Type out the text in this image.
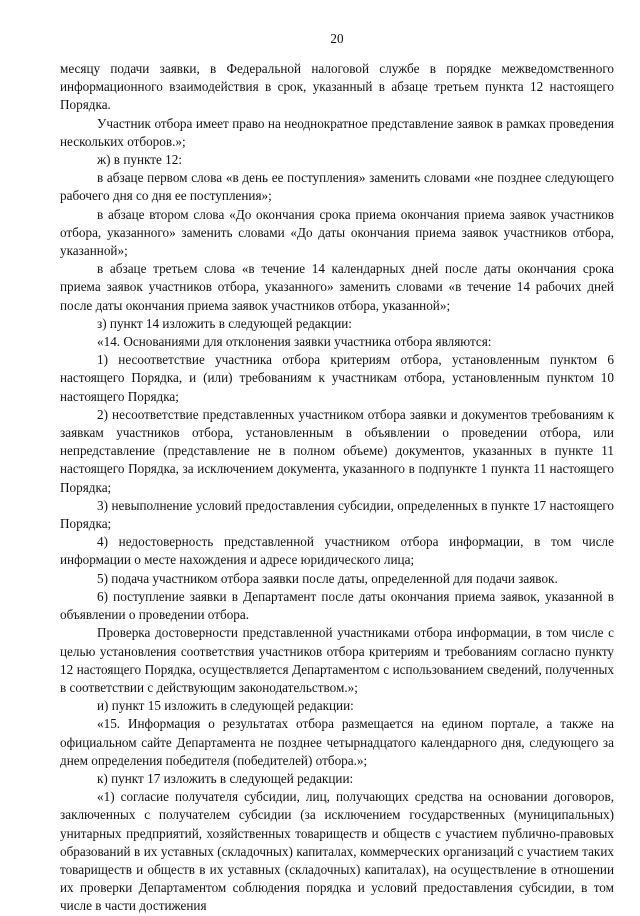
20

месяцу подачи заявки, в Федеральной налоговой службе в порядке межведомственного информационного взаимодействия в срок, указанный в абзаце третьем пункта 12 настоящего Порядка.

Участник отбора имеет право на неоднократное представление заявок в рамках проведения нескольких отборов.»;

ж) в пункте 12:

в абзаце первом слова «в день ее поступления» заменить словами «не позднее следующего рабочего дня со дня ее поступления»;

в абзаце втором слова «До окончания срока приема окончания приема заявок участников отбора, указанного» заменить словами «До даты окончания приема заявок участников отбора, указанной»;

в абзаце третьем слова «в течение 14 календарных дней после даты окончания срока приема заявок участников отбора, указанного» заменить словами «в течение 14 рабочих дней после даты окончания приема заявок участников отбора, указанной»;

з) пункт 14 изложить в следующей редакции:

«14. Основаниями для отклонения заявки участника отбора являются:

1) несоответствие участника отбора критериям отбора, установленным пунктом 6 настоящего Порядка, и (или) требованиям к участникам отбора, установленным пунктом 10 настоящего Порядка;

2) несоответствие представленных участником отбора заявки и документов требованиям к заявкам участников отбора, установленным в объявлении о проведении отбора, или непредставление (представление не в полном объеме) документов, указанных в пункте 11 настоящего Порядка, за исключением документа, указанного в подпункте 1 пункта 11 настоящего Порядка;

3) невыполнение условий предоставления субсидии, определенных в пункте 17 настоящего Порядка;

4) недостоверность представленной участником отбора информации, в том числе информации о месте нахождения и адресе юридического лица;

5) подача участником отбора заявки после даты, определенной для подачи заявок.

6) поступление заявки в Департамент после даты окончания приема заявок, указанной в объявлении о проведении отбора.

Проверка достоверности представленной участниками отбора информации, в том числе с целью установления соответствия участников отбора критериям и требованиям согласно пункту 12 настоящего Порядка, осуществляется Департаментом с использованием сведений, полученных в соответствии с действующим законодательством.»;

и) пункт 15 изложить в следующей редакции:

«15. Информация о результатах отбора размещается на едином портале, а также на официальном сайте Департамента не позднее четырнадцатого календарного дня, следующего за днем определения победителя (победителей) отбора.»;

к) пункт 17 изложить в следующей редакции:

«1) согласие получателя субсидии, лиц, получающих средства на основании договоров, заключенных с получателем субсидии (за исключением государственных (муниципальных) унитарных предприятий, хозяйственных товариществ и обществ с участием публично-правовых образований в их уставных (складочных) капиталах, коммерческих организаций с участием таких товариществ и обществ в их уставных (складочных) капиталах), на осуществление в отношении их проверки Департаментом соблюдения порядка и условий предоставления субсидии, в том числе в части достижения
